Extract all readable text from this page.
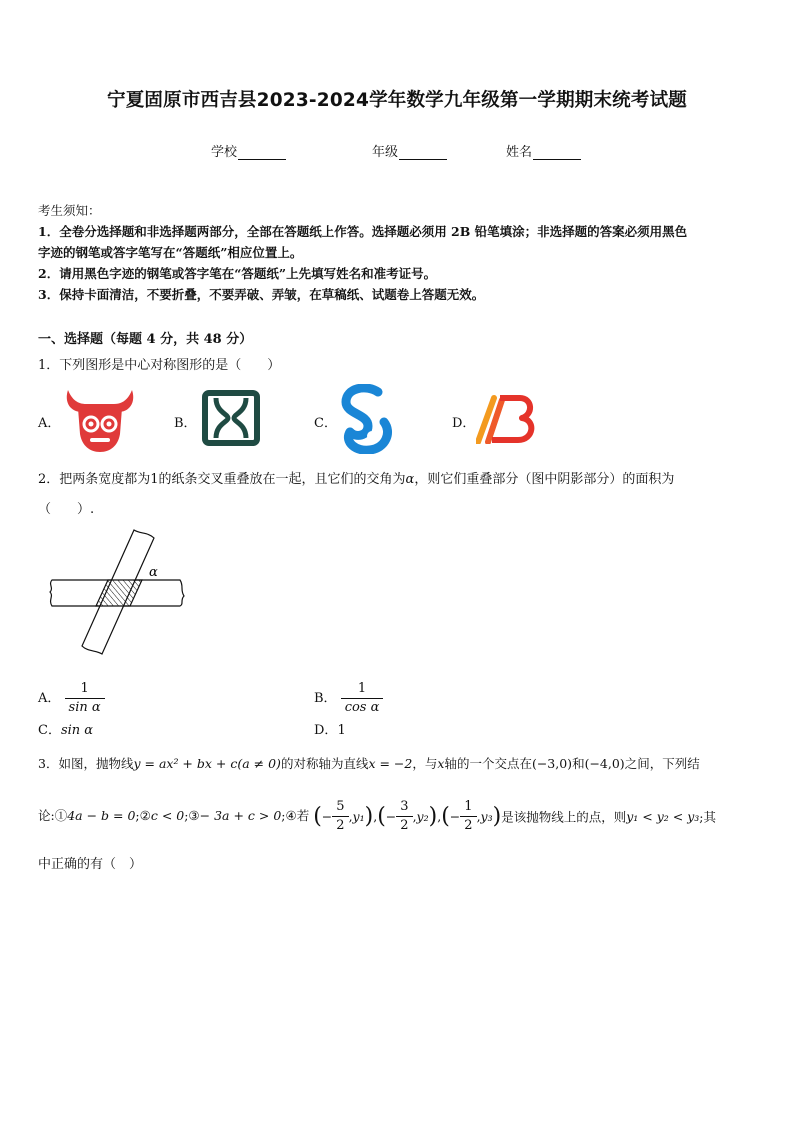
宁夏固原市西吉县2023-2024学年数学九年级第一学期期末统考试题
学校	年级	姓名
考生须知：
1．全卷分选择题和非选择题两部分，全部在答题纸上作答。选择题必须用 2B 铅笔填涂；非选择题的答案必须用黑色
字迹的钢笔或答字笔写在“答题纸”相应位置上。
2．请用黑色字迹的钢笔或答字笔在“答题纸”上先填写姓名和准考证号。
3．保持卡面清洁，不要折叠，不要弄破、弄皱，在草稿纸、试题卷上答题无效。
一、选择题（每题 4 分，共 48 分）
1．下列图形是中心对称图形的是（　　）
A．	B．	C．	D．
2．把两条宽度都为1的纸条交叉重叠放在一起，且它们的交角为α，则它们重叠部分（图中阴影部分）的面积为
（　　）.
α
A． $\frac{1}{\text{sin α}}$	B． $\frac{1}{\text{cos α}}$
C．sin α	D．1
3．如图，抛物线y = ax² + bx + c(a ≠ 0)的对称轴为直线x = −2，与x轴的一个交点在(−3,0)和(−4,0)之间，下列结
论:①4a − b = 0;②c < 0;③− 3a + c > 0;④若 (− $\frac{5}{2} ,y_1),(- \frac{3}{2} ,y_2),(- \frac{1}{2} ,y_3)$是该抛物线上的点，则y₁ < y₂ < y₃;其
中正确的有（　）
